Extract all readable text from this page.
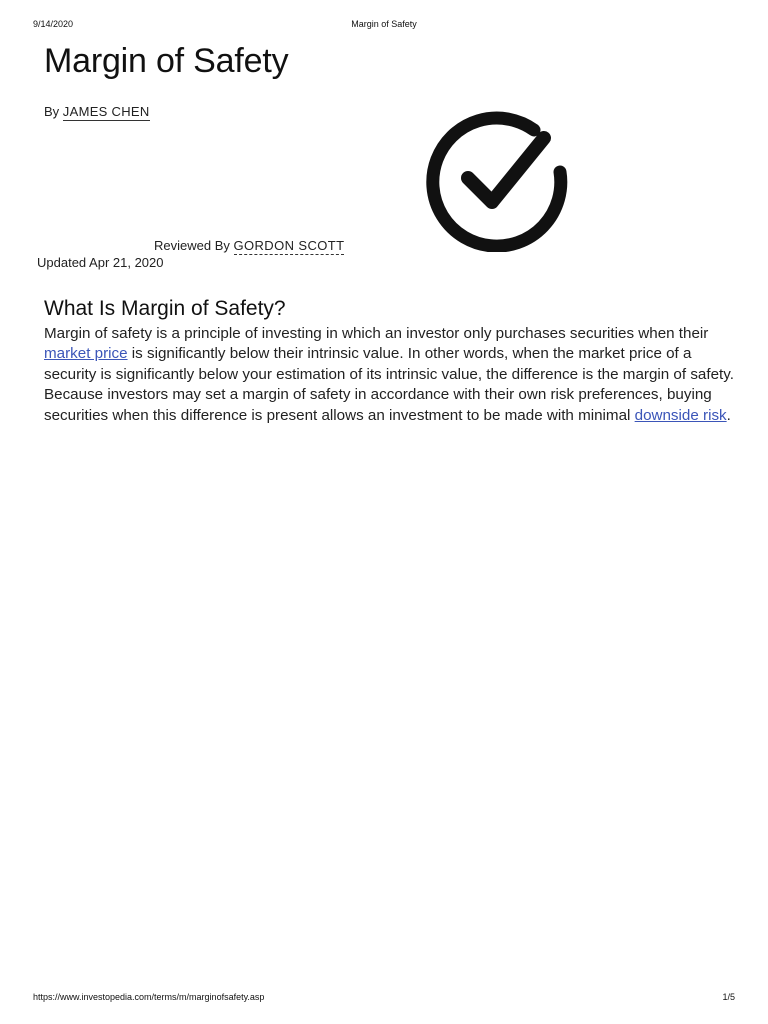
9/14/2020	Margin of Safety
Margin of Safety
By JAMES CHEN
Reviewed By GORDON SCOTT
Updated Apr 21, 2020
What Is Margin of Safety?

Margin of safety is a principle of investing in which an investor only purchases securities when their market price is significantly below their intrinsic value. In other words, when the market price of a security is significantly below your estimation of its intrinsic value, the difference is the margin of safety. Because investors may set a margin of safety in accordance with their own risk preferences, buying securities when this difference is present allows an investment to be made with minimal downside risk.

https://www.investopedia.com/terms/m/marginofsafety.asp	1/5
